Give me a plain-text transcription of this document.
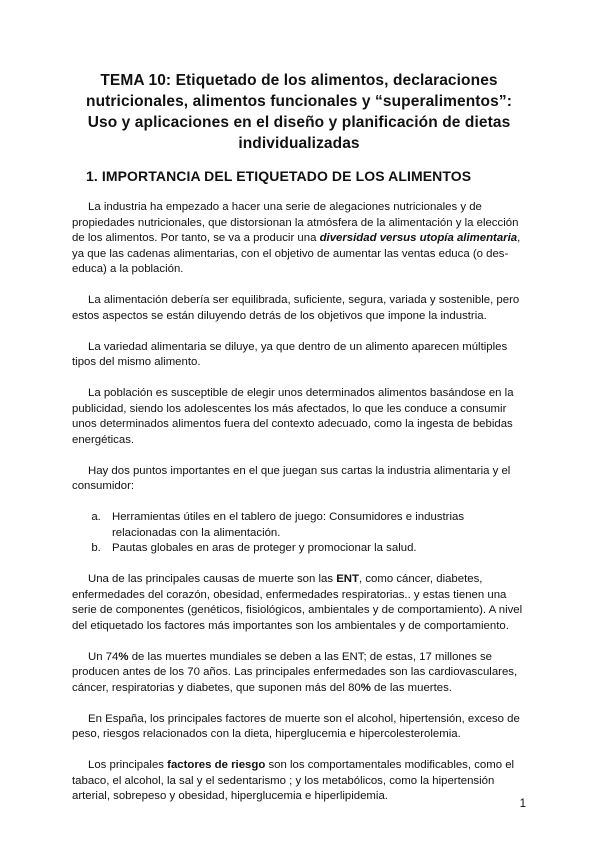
TEMA 10: Etiquetado de los alimentos, declaraciones nutricionales, alimentos funcionales y “superalimentos”: Uso y aplicaciones en el diseño y planificación de dietas individualizadas
1. IMPORTANCIA DEL ETIQUETADO DE LOS ALIMENTOS

La industria ha empezado a hacer una serie de alegaciones nutricionales y de propiedades nutricionales, que distorsionan la atmósfera de la alimentación y la elección de los alimentos. Por tanto, se va a producir una diversidad versus utopía alimentaria, ya que las cadenas alimentarias, con el objetivo de aumentar las ventas educa (o des-educa) a la población.

La alimentación debería ser equilibrada, suficiente, segura, variada y sostenible, pero estos aspectos se están diluyendo detrás de los objetivos que impone la industria.

La variedad alimentaria se diluye, ya que dentro de un alimento aparecen múltiples tipos del mismo alimento.

La población es susceptible de elegir unos determinados alimentos basándose en la publicidad, siendo los adolescentes los más afectados, lo que les conduce a consumir unos determinados alimentos fuera del contexto adecuado, como la ingesta de bebidas energéticas.

Hay dos puntos importantes en el que juegan sus cartas la industria alimentaria y el consumidor:

a. Herramientas útiles en el tablero de juego: Consumidores e industrias relacionadas con la alimentación.
b. Pautas globales en aras de proteger y promocionar la salud.

Una de las principales causas de muerte son las ENT, como cáncer, diabetes, enfermedades del corazón, obesidad, enfermedades respiratorias.. y estas tienen una serie de componentes (genéticos, fisiológicos, ambientales y de comportamiento). A nivel del etiquetado los factores más importantes son los ambientales y de comportamiento.

Un 74% de las muertes mundiales se deben a las ENT; de estas, 17 millones se producen antes de los 70 años. Las principales enfermedades son las cardiovasculares, cáncer, respiratorias y diabetes, que suponen más del 80% de las muertes.

En España, los principales factores de muerte son el alcohol, hipertensión, exceso de peso, riesgos relacionados con la dieta, hiperglucemia e hipercolesterolemia.

Los principales factores de riesgo son los comportamentales modificables, como el tabaco, el alcohol, la sal y el sedentarismo ; y los metabólicos, como la hipertensión arterial, sobrepeso y obesidad, hiperglucemia e hiperlipidemia.

1
